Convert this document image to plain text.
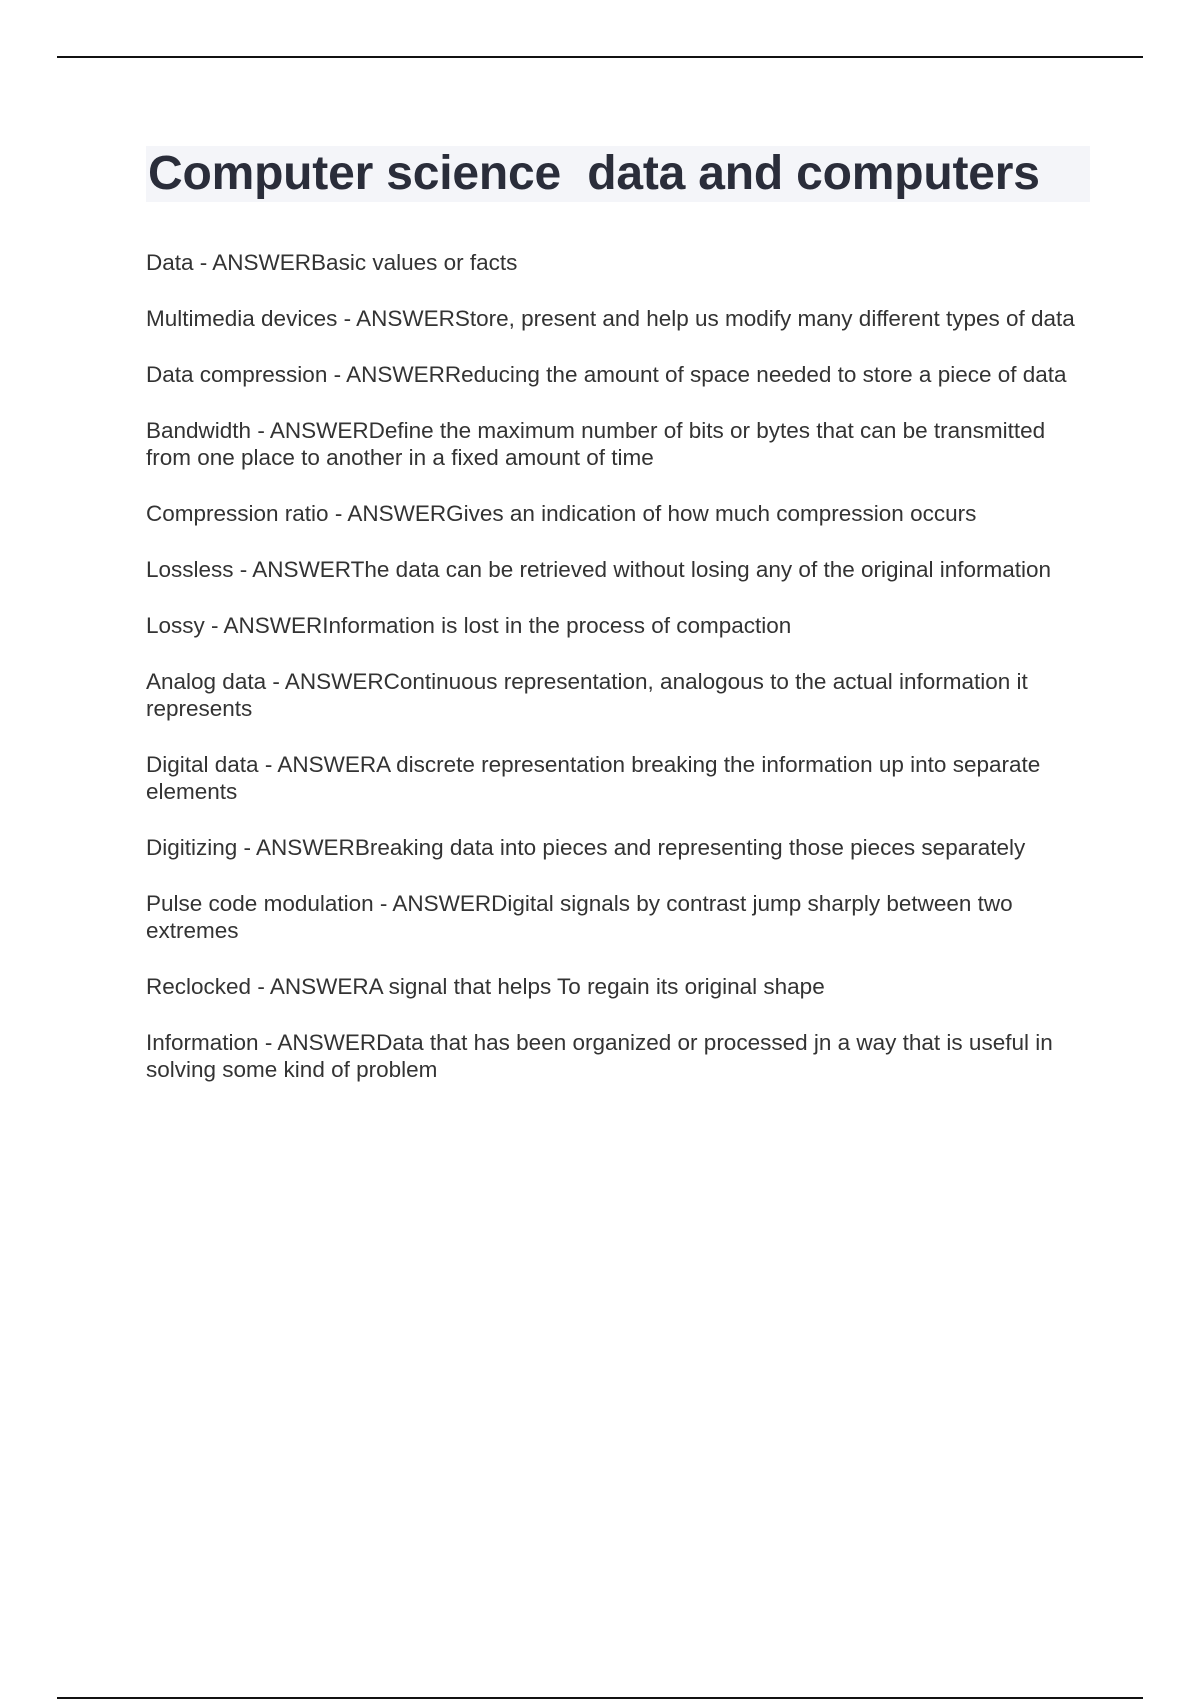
Computer science  data and computers
Data - ANSWERBasic values or facts
Multimedia devices - ANSWERStore, present and help us modify many different types of data
Data compression - ANSWERReducing the amount of space needed to store a piece of data
Bandwidth - ANSWERDefine the maximum number of bits or bytes that can be transmitted from one place to another in a fixed amount of time
Compression ratio - ANSWERGives an indication of how much compression occurs
Lossless - ANSWERThe data can be retrieved without losing any of the original information
Lossy - ANSWERInformation is lost in the process of compaction
Analog data - ANSWERContinuous representation, analogous to the actual information it represents
Digital data - ANSWERA discrete representation breaking the information up into separate elements
Digitizing - ANSWERBreaking data into pieces and representing those pieces separately
Pulse code modulation - ANSWERDigital signals by contrast jump sharply between two extremes
Reclocked - ANSWERA signal that helps To regain its original shape
Information - ANSWERData that has been organized or processed jn a way that is useful in solving some kind of problem
